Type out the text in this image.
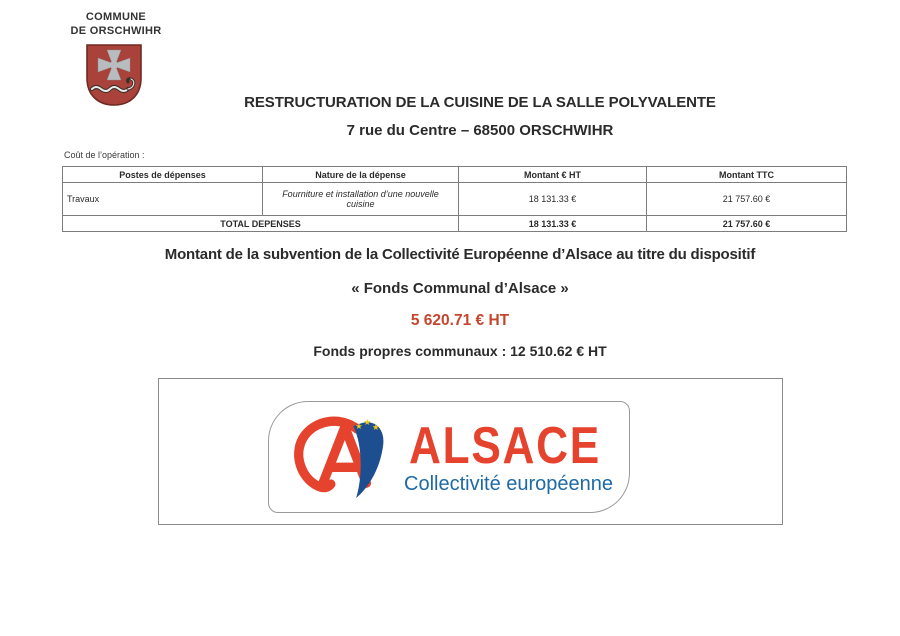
COMMUNE
DE ORSCHWIHR
RESTRUCTURATION DE LA CUISINE DE LA SALLE POLYVALENTE
7 rue du Centre – 68500 ORSCHWIHR
Coût de l’opération :
Postes de dépenses	Nature de la dépense	Montant € HT	Montant TTC
Travaux	Fourniture et installation d’une nouvelle cuisine	18 131.33 €	21 757.60 €
TOTAL DEPENSES		18 131.33 €	21 757.60 €
Montant de la subvention de la Collectivité Européenne d’Alsace au titre du dispositif
« Fonds Communal d’Alsace »
5 620.71 € HT
Fonds propres communaux : 12 510.62 € HT
★ ★ ★ ALSACE
Collectivité européenne
